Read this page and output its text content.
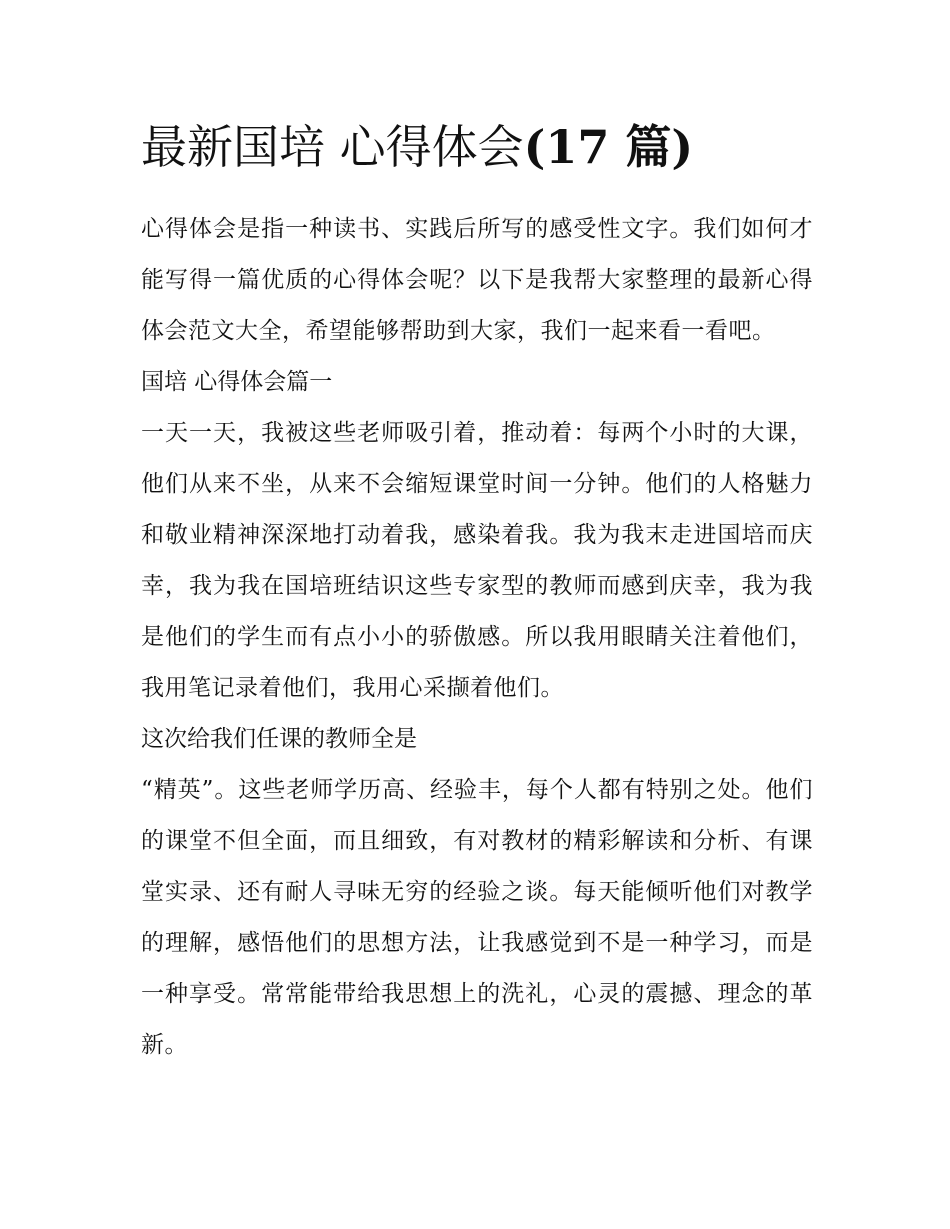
最新国培 心得体会(17 篇)

心得体会是指一种读书、实践后所写的感受性文字。我们如何才能写得一篇优质的心得体会呢？以下是我帮大家整理的最新心得体会范文大全，希望能够帮助到大家，我们一起来看一看吧。

国培 心得体会篇一

一天一天，我被这些老师吸引着，推动着：每两个小时的大课，他们从来不坐，从来不会缩短课堂时间一分钟。他们的人格魅力和敬业精神深深地打动着我，感染着我。我为我末走进国培而庆幸，我为我在国培班结识这些专家型的教师而感到庆幸，我为我是他们的学生而有点小小的骄傲感。所以我用眼睛关注着他们，我用笔记录着他们，我用心采撷着他们。

这次给我们任课的教师全是

“精英”。这些老师学历高、经验丰，每个人都有特别之处。他们的课堂不但全面，而且细致，有对教材的精彩解读和分析、有课堂实录、还有耐人寻味无穷的经验之谈。每天能倾听他们对教学的理解，感悟他们的思想方法，让我感觉到不是一种学习，而是一种享受。常常能带给我思想上的洗礼，心灵的震撼、理念的革新。
